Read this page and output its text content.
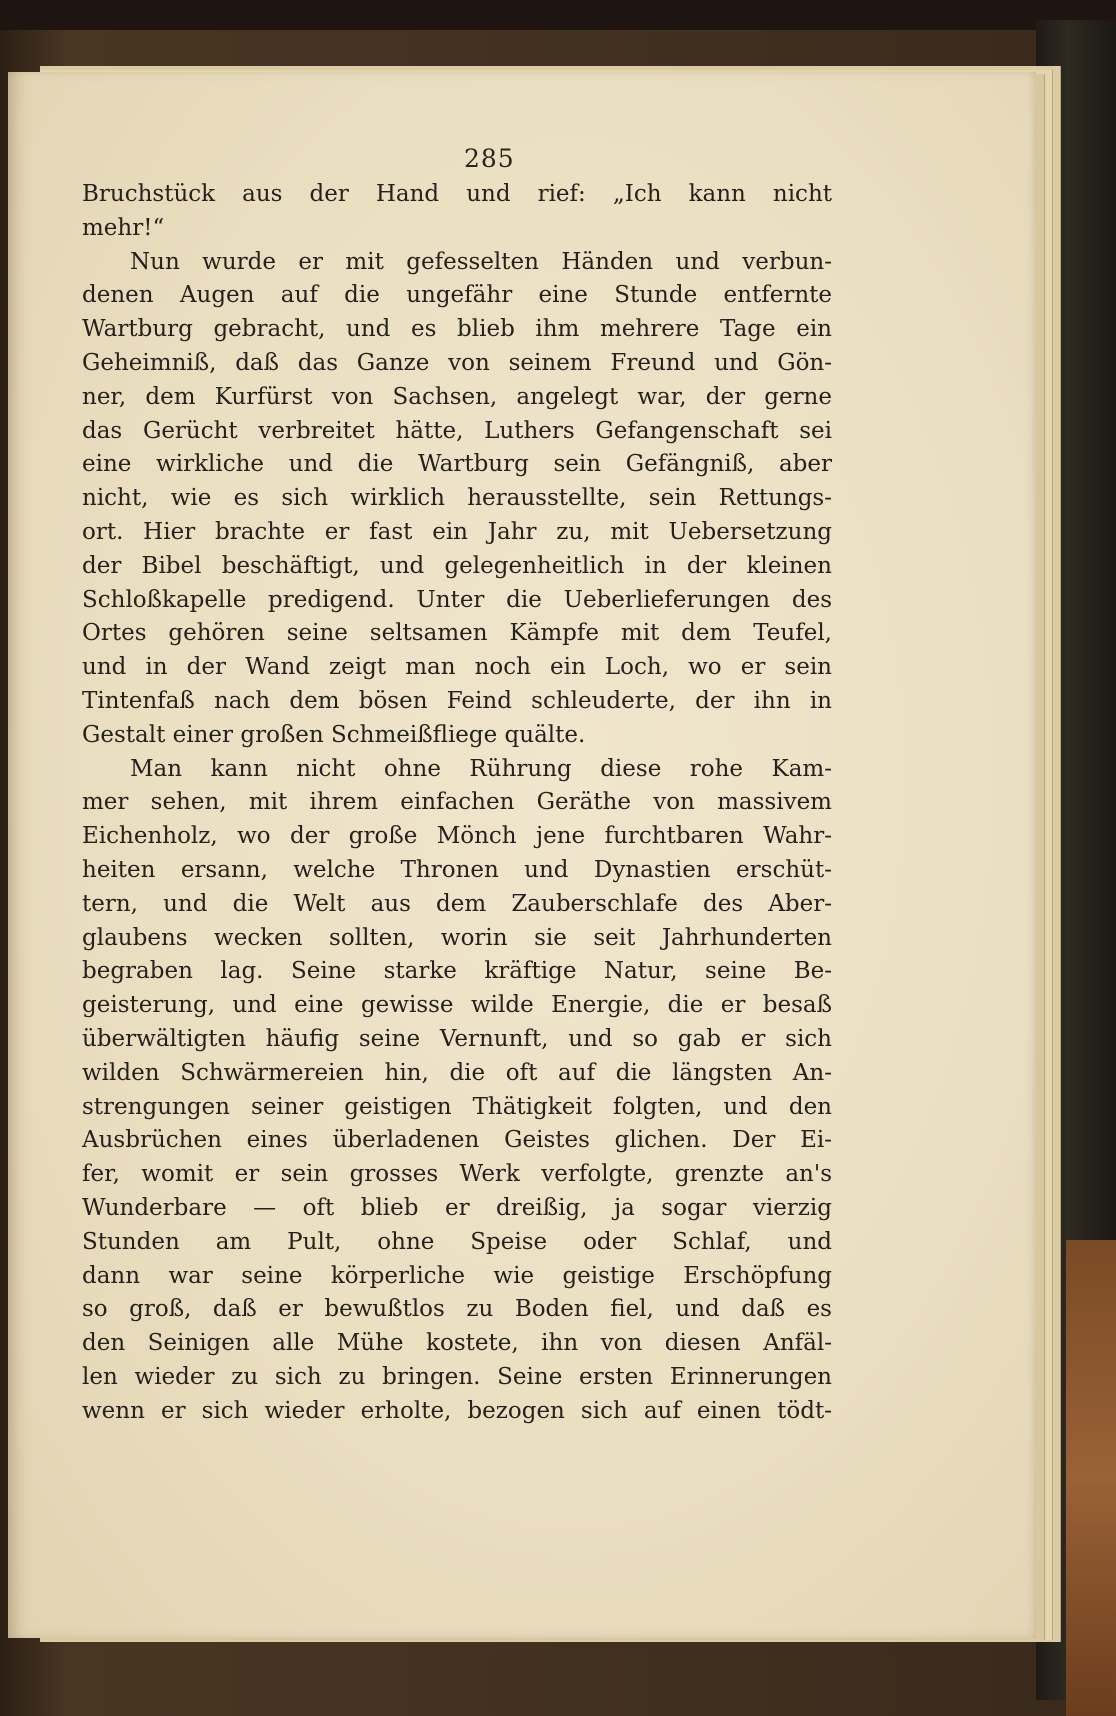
285
Bruchstück aus der Hand und rief: „Ich kann nicht
mehr!“
Nun wurde er mit gefesselten Händen und verbun-
denen Augen auf die ungefähr eine Stunde entfernte
Wartburg gebracht, und es blieb ihm mehrere Tage ein
Geheimniß, daß das Ganze von seinem Freund und Gön-
ner, dem Kurfürst von Sachsen, angelegt war, der gerne
das Gerücht verbreitet hätte, Luthers Gefangenschaft sei
eine wirkliche und die Wartburg sein Gefängniß, aber
nicht, wie es sich wirklich herausstellte, sein Rettungs-
ort. Hier brachte er fast ein Jahr zu, mit Uebersetzung
der Bibel beschäftigt, und gelegenheitlich in der kleinen
Schloßkapelle predigend. Unter die Ueberlieferungen des
Ortes gehören seine seltsamen Kämpfe mit dem Teufel,
und in der Wand zeigt man noch ein Loch, wo er sein
Tintenfaß nach dem bösen Feind schleuderte, der ihn in
Gestalt einer großen Schmeißfliege quälte.
Man kann nicht ohne Rührung diese rohe Kam-
mer sehen, mit ihrem einfachen Geräthe von massivem
Eichenholz, wo der große Mönch jene furchtbaren Wahr-
heiten ersann, welche Thronen und Dynastien erschüt-
tern, und die Welt aus dem Zauberschlafe des Aber-
glaubens wecken sollten, worin sie seit Jahrhunderten
begraben lag. Seine starke kräftige Natur, seine Be-
geisterung, und eine gewisse wilde Energie, die er besaß
überwältigten häufig seine Vernunft, und so gab er sich
wilden Schwärmereien hin, die oft auf die längsten An-
strengungen seiner geistigen Thätigkeit folgten, und den
Ausbrüchen eines überladenen Geistes glichen. Der Ei-
fer, womit er sein grosses Werk verfolgte, grenzte an's
Wunderbare — oft blieb er dreißig, ja sogar vierzig
Stunden am Pult, ohne Speise oder Schlaf, und
dann war seine körperliche wie geistige Erschöpfung
so groß, daß er bewußtlos zu Boden fiel, und daß es
den Seinigen alle Mühe kostete, ihn von diesen Anfäl-
len wieder zu sich zu bringen. Seine ersten Erinnerungen
wenn er sich wieder erholte, bezogen sich auf einen tödt-
